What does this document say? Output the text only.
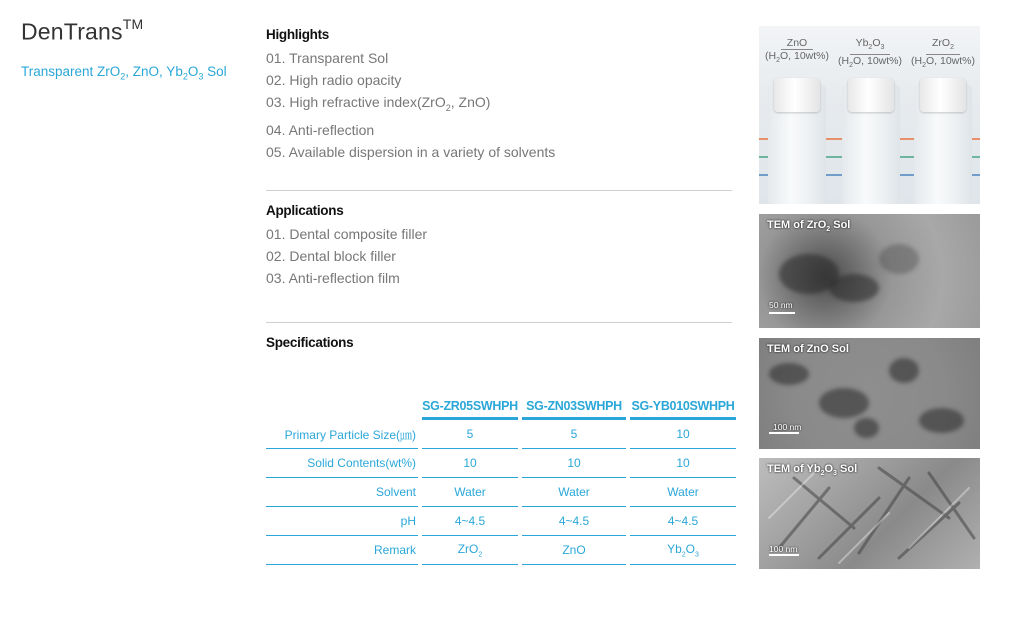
DenTrans™
Transparent ZrO$_2$, ZnO, $Yb_2O_3$ Sol
Highlights
01. Transparent Sol
02. High radio opacity
03. High refractive index(ZrO$_2$, ZnO)
04. Anti-reflection
05. Available dispersion in a variety of solvents
Applications
01. Dental composite filler
02. Dental block filler
03. Anti-reflection film
Specifications
	SG-ZR05SWHPH	SG-ZN03SWHPH	SG-YB010SWHPH
Primary Particle Size(㎛)	5	5	10
Solid Contents(wt%)	10	10	10
Solvent	Water	Water	Water
pH	4~4.5	4~4.5	4~4.5
Remark	ZrO$_2$	ZnO	$Yb_2O_3$
ZnO
($H_2O$, 10wt%)
$Yb_2O_3$
($H_2O$, 10wt%)
ZrO$_2$
($H_2O$, 10wt%)
TEM of ZrO$_2$ Sol
50 nm
TEM of ZnO Sol
100 nm
TEM of $Yb_2O_3$ Sol
100 nm
